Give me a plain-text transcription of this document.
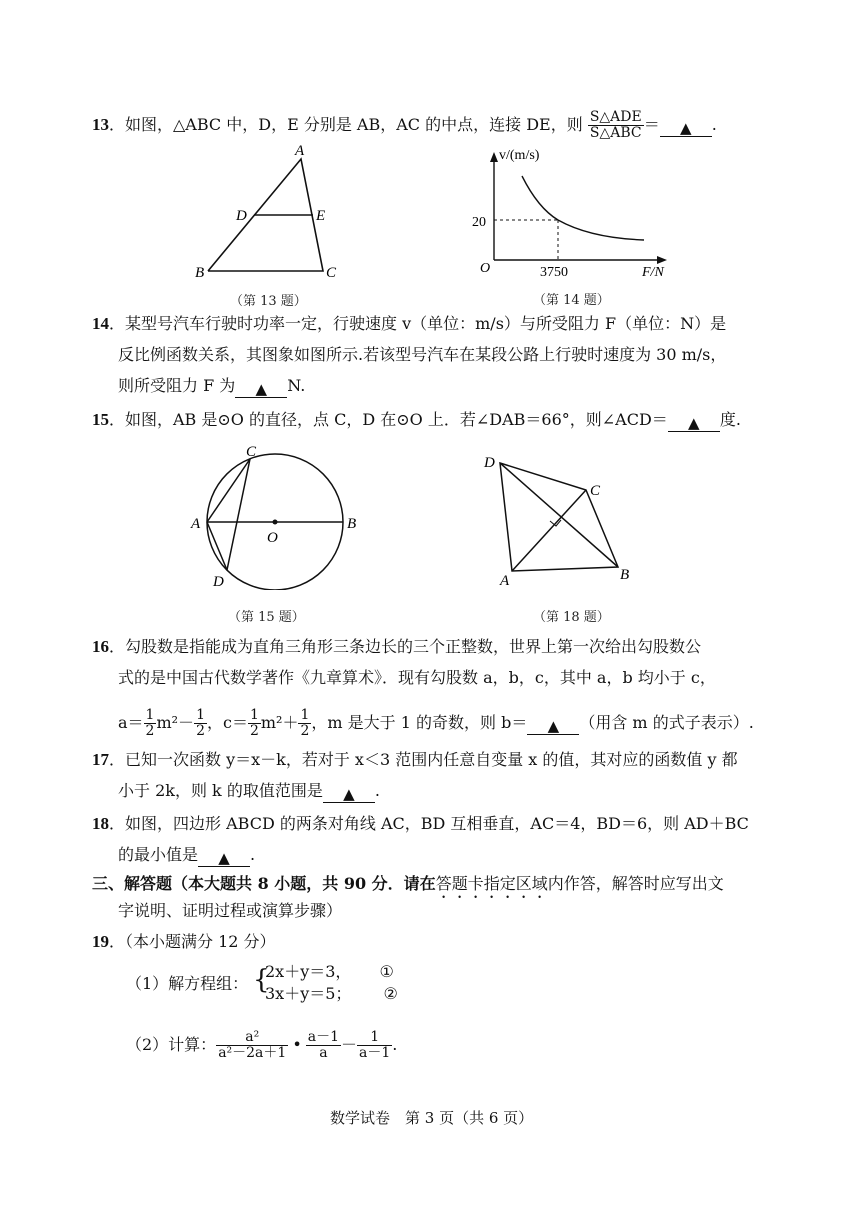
13．如图，△ABC 中，D，E 分别是 AB，AC 的中点，连接 DE，则 $\frac{\text{S△ADE}}{\text{S△ABC}}$ ＝ ▲ .
A
D	E
B	C
（第 13 题）
v/(m/s)
20
3750
O	F/N
（第 14 题）
14．某型号汽车行驶时功率一定，行驶速度 v（单位：m/s）与所受阻力 F（单位：N）是
反比例函数关系，其图象如图所示.若该型号汽车在某段公路上行驶时速度为 30 m/s，
则所受阻力 F 为 ▲ N.
15．如图，AB 是⊙O 的直径，点 C，D 在⊙O 上．若∠DAB＝66°，则∠ACD＝ ▲ 度.
C
A
O
B
D
（第 15 题）
D
C
A	B
（第 18 题）
16．勾股数是指能成为直角三角形三条边长的三个正整数，世界上第一次给出勾股数公
式的是中国古代数学著作《九章算术》．现有勾股数 a，b，c，其中 a，b 均小于 c，
$a= \frac{1}{2} m^2- \frac{1}{2}$ ，$c= \frac{1}{2} m^2+ \frac{1}{2}$ ，m 是大于 1 的奇数，则 b＝ ▲ （用含 m 的式子表示）.
17．已知一次函数 y＝x－k，若对于 x＜3 范围内任意自变量 x 的值，其对应的函数值 y 都
小于 2k，则 k 的取值范围是 ▲ .
18．如图，四边形 ABCD 的两条对角线 AC，BD 互相垂直，AC＝4，BD＝6，则 AD＋BC
的最小值是 ▲ .
三、解答题（本大题共 8 小题，共 90 分．请在答题卡指定区域内作答，解答时应写出文
字说明、证明过程或演算步骤）
19．（本小题满分 12 分）
（1）解方程组： {
2x＋y＝3， ①
3x＋y＝5； ②
（2）计算： $\frac{\text{a²}}{\text{a²－2a＋1}}$ • $\frac{a-1}{a} - \frac{1}{a-1}$ .
数学试卷　第 3 页（共 6 页）
